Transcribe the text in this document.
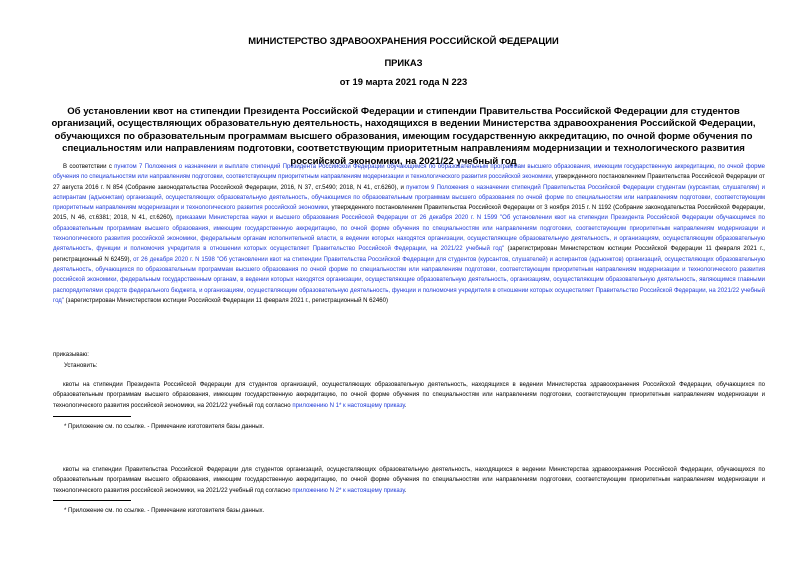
МИНИСТЕРСТВО ЗДРАВООХРАНЕНИЯ РОССИЙСКОЙ ФЕДЕРАЦИИ
ПРИКАЗ
от 19 марта 2021 года N 223
Об установлении квот на стипендии Президента Российской Федерации и стипендии Правительства Российской Федерации для студентов организаций, осуществляющих образовательную деятельность, находящихся в ведении Министерства здравоохранения Российской Федерации, обучающихся по образовательным программам высшего образования, имеющим государственную аккредитацию, по очной форме обучения по специальностям или направлениям подготовки, соответствующим приоритетным направлениям модернизации и технологического развития российской экономики, на 2021/22 учебный год

В соответствии с пунктом 7 Положения о назначении и выплате стипендий Президента Российской Федерации обучающимся по образовательным программам высшего образования, имеющим государственную аккредитацию, по очной форме обучения по специальностям или направлениям подготовки, соответствующим приоритетным направлениям модернизации и технологического развития российской экономики, утвержденного постановлением Правительства Российской Федерации от 27 августа 2016 г. N 854 (Собрание законодательства Российской Федерации, 2016, N 37, ст.5490; 2018, N 41, ст.6260), и пунктом 9 Положения о назначении стипендий Правительства Российской Федерации студентам (курсантам, слушателям) и аспирантам (адъюнктам) организаций, осуществляющих образовательную деятельность, обучающимся по образовательным программам высшего образования по очной форме по специальностям или направлениям подготовки, соответствующим приоритетным направлениям модернизации и технологического развития российской экономики, утвержденного постановлением Правительства Российской Федерации от 3 ноября 2015 г. N 1192 (Собрание законодательства Российской Федерации, 2015, N 46, ст.6381; 2018, N 41, ст.6260), приказами Министерства науки и высшего образования Российской Федерации от 26 декабря 2020 г. N 1599 "Об установлении квот на стипендии Президента Российской Федерации обучающимся по образовательным программам высшего образования, имеющим государственную аккредитацию, по очной форме обучения по специальностям или направлениям подготовки, соответствующим приоритетным направлениям модернизации и технологического развития российской экономики, федеральным органам исполнительной власти, в ведении которых находятся организации, осуществляющие образовательную деятельность, и организациям, осуществляющим образовательную деятельность, функции и полномочия учредителя в отношении которых осуществляет Правительство Российской Федерации, на 2021/22 учебный год" (зарегистрирован Министерством юстиции Российской Федерации 11 февраля 2021 г., регистрационный N 62459), от 26 декабря 2020 г. N 1598 "Об установлении квот на стипендии Правительства Российской Федерации для студентов (курсантов, слушателей) и аспирантов (адъюнктов) организаций, осуществляющих образовательную деятельность, обучающихся по образовательным программам высшего образования по очной форме по специальностям или направлениям подготовки, соответствующим приоритетным направлениям модернизации и технологического развития российской экономики, федеральным государственным органам, в ведении которых находятся организации, осуществляющие образовательную деятельность, организациям, осуществляющим образовательную деятельность, являющимся главными распорядителями средств федерального бюджета, и организациям, осуществляющим образовательную деятельность, функции и полномочия учредителя в отношении которых осуществляет Правительство Российской Федерации, на 2021/22 учебный год" (зарегистрирован Министерством юстиции Российской Федерации 11 февраля 2021 г., регистрационный N 62460)

приказываю:
Установить:

квоты на стипендии Президента Российской Федерации для студентов организаций, осуществляющих образовательную деятельность, находящихся в ведении Министерства здравоохранения Российской Федерации, обучающихся по образовательным программам высшего образования, имеющим государственную аккредитацию, по очной форме обучения по специальностям или направлениям подготовки, соответствующим приоритетным направлениям модернизации и технологического развития российской экономики, на 2021/22 учебный год согласно приложению N 1* к настоящему приказу.

* Приложение см. по ссылке. - Примечание изготовителя базы данных.

квоты на стипендии Правительства Российской Федерации для студентов организаций, осуществляющих образовательную деятельность, находящихся в ведении Министерства здравоохранения Российской Федерации, обучающихся по образовательным программам высшего образования, имеющим государственную аккредитацию, по очной форме обучения по специальностям или направлениям подготовки, соответствующим приоритетным направлениям модернизации и технологического развития российской экономики, на 2021/22 учебный год согласно приложению N 2* к настоящему приказу.

* Приложение см. по ссылке. - Примечание изготовителя базы данных.
